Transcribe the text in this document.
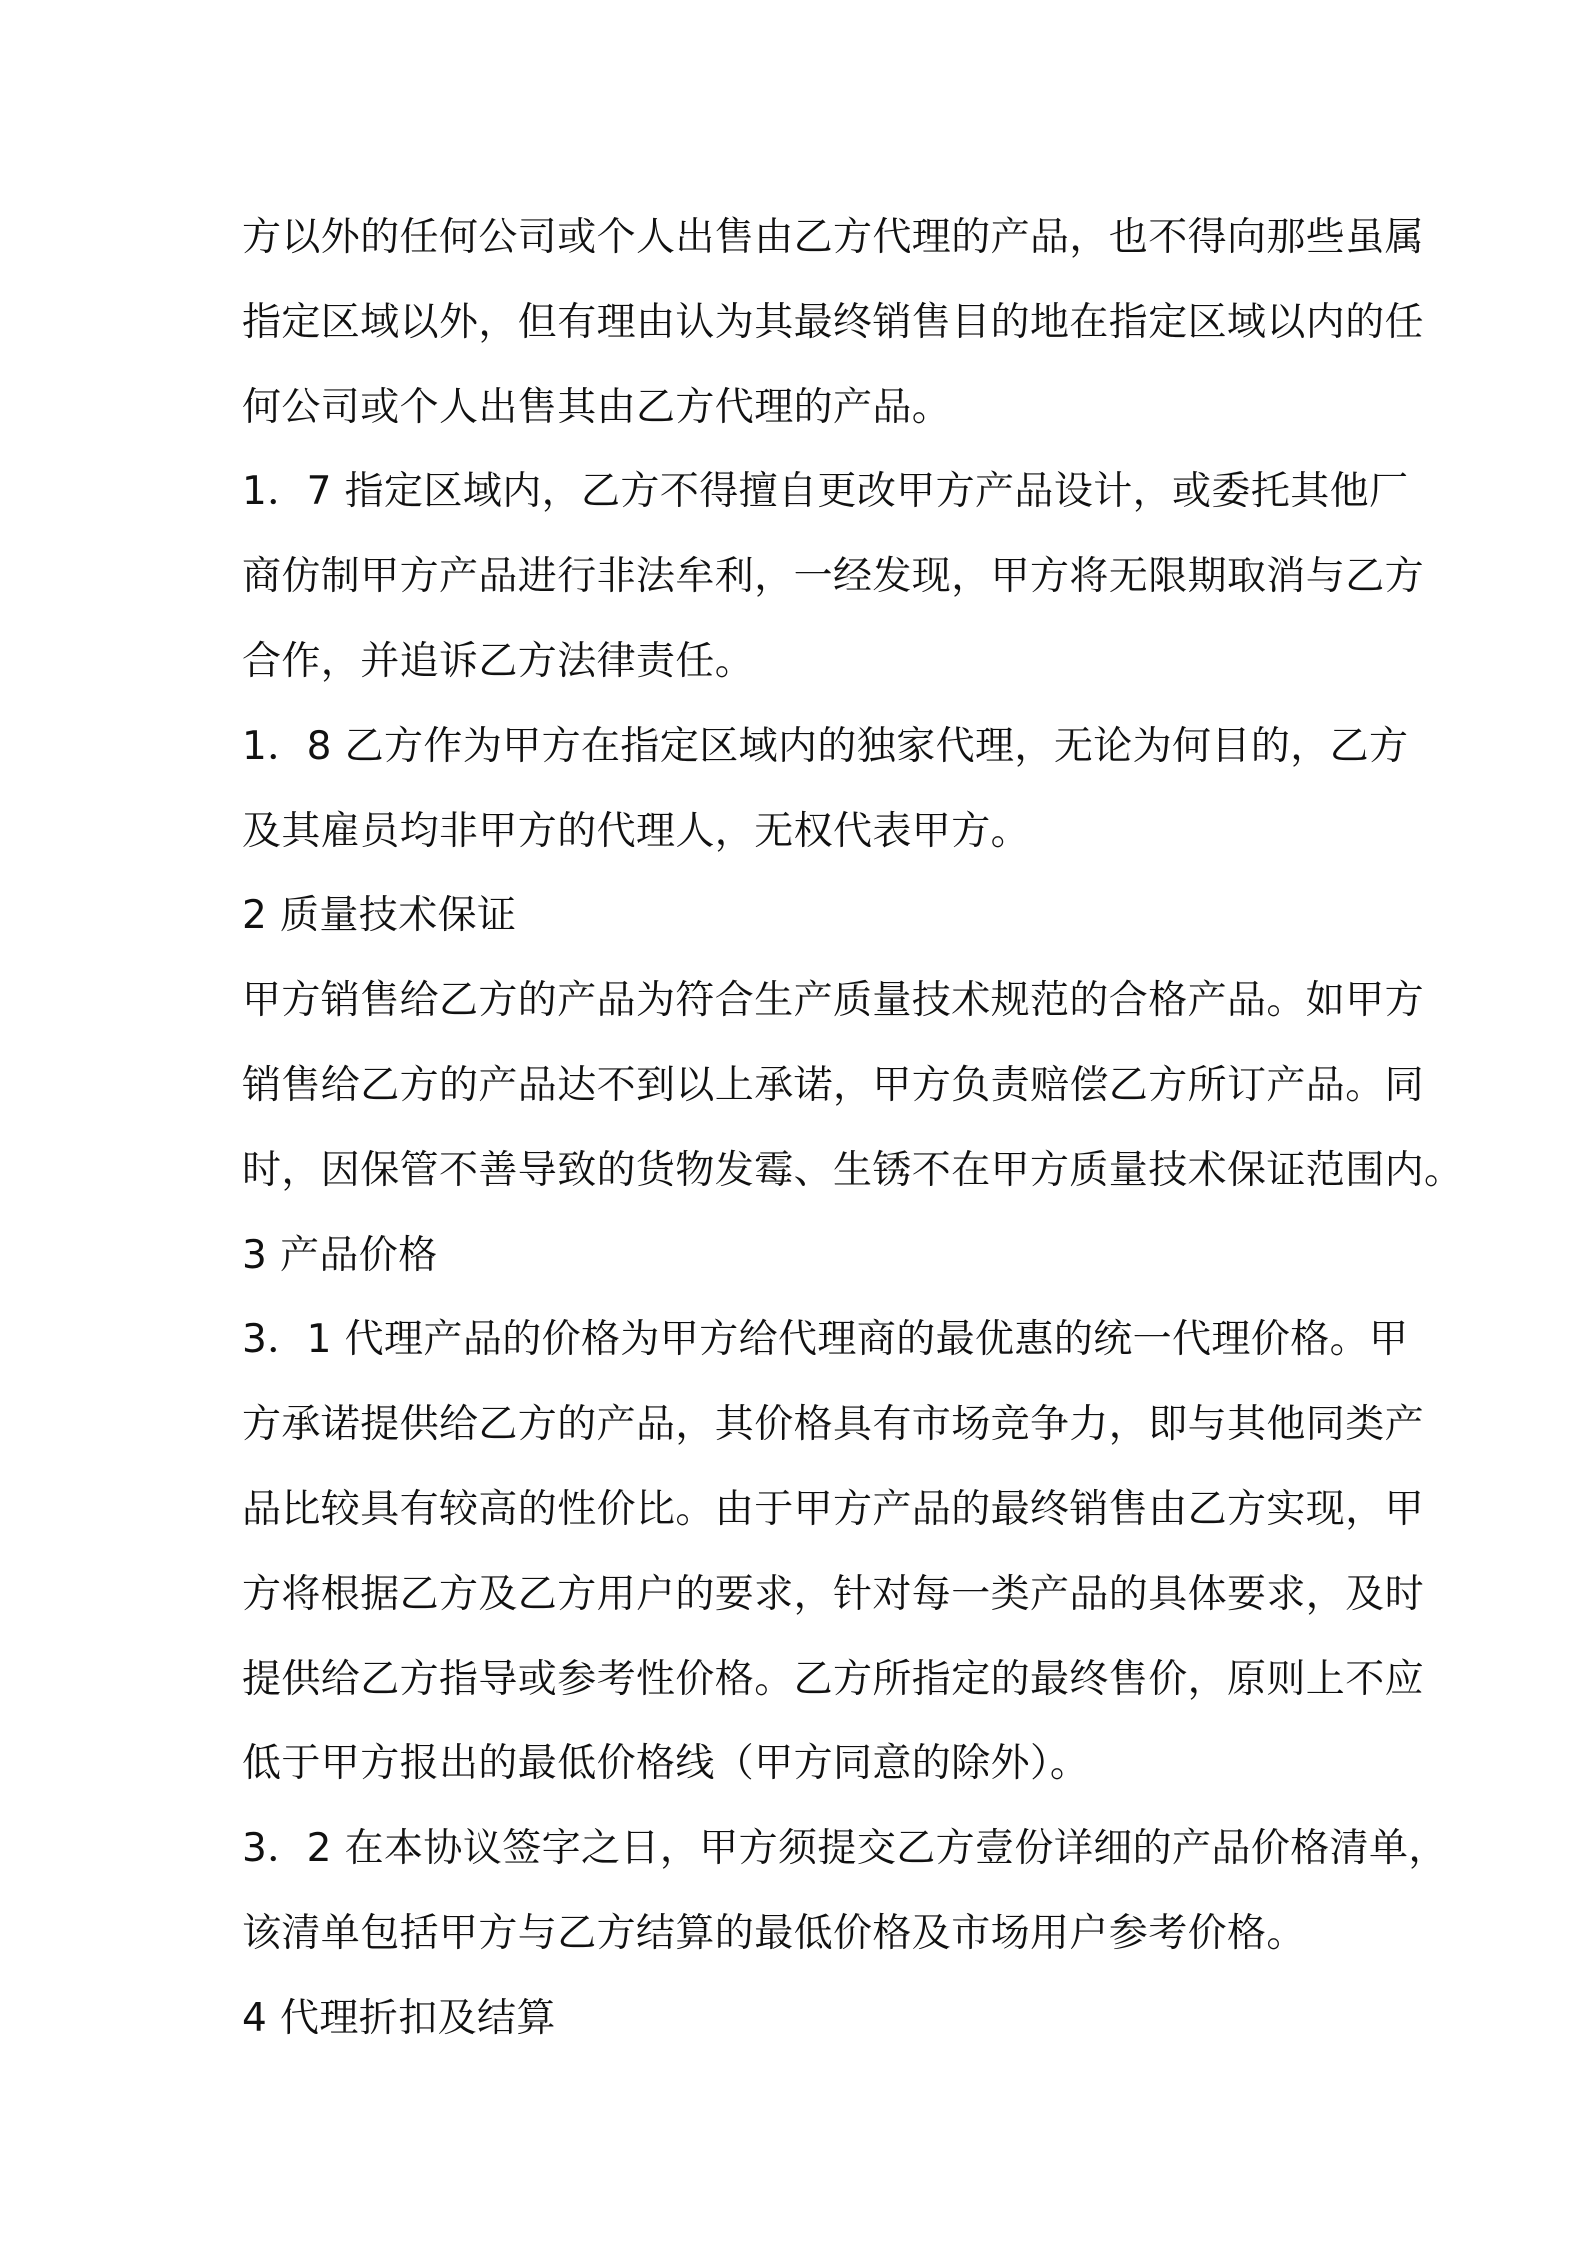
方以外的任何公司或个人出售由乙方代理的产品，也不得向那些虽属
指定区域以外，但有理由认为其最终销售目的地在指定区域以内的任
何公司或个人出售其由乙方代理的产品。
1．7 指定区域内，乙方不得擅自更改甲方产品设计，或委托其他厂
商仿制甲方产品进行非法牟利，一经发现，甲方将无限期取消与乙方
合作，并追诉乙方法律责任。
1．8 乙方作为甲方在指定区域内的独家代理，无论为何目的，乙方
及其雇员均非甲方的代理人，无权代表甲方。
2 质量技术保证
甲方销售给乙方的产品为符合生产质量技术规范的合格产品。如甲方
销售给乙方的产品达不到以上承诺，甲方负责赔偿乙方所订产品。同
时，因保管不善导致的货物发霉、生锈不在甲方质量技术保证范围内。
3 产品价格
3．1 代理产品的价格为甲方给代理商的最优惠的统一代理价格。甲
方承诺提供给乙方的产品，其价格具有市场竞争力，即与其他同类产
品比较具有较高的性价比。由于甲方产品的最终销售由乙方实现，甲
方将根据乙方及乙方用户的要求，针对每一类产品的具体要求，及时
提供给乙方指导或参考性价格。乙方所指定的最终售价，原则上不应
低于甲方报出的最低价格线（甲方同意的除外）。
3．2 在本协议签字之日，甲方须提交乙方壹份详细的产品价格清单，
该清单包括甲方与乙方结算的最低价格及市场用户参考价格。
4 代理折扣及结算
